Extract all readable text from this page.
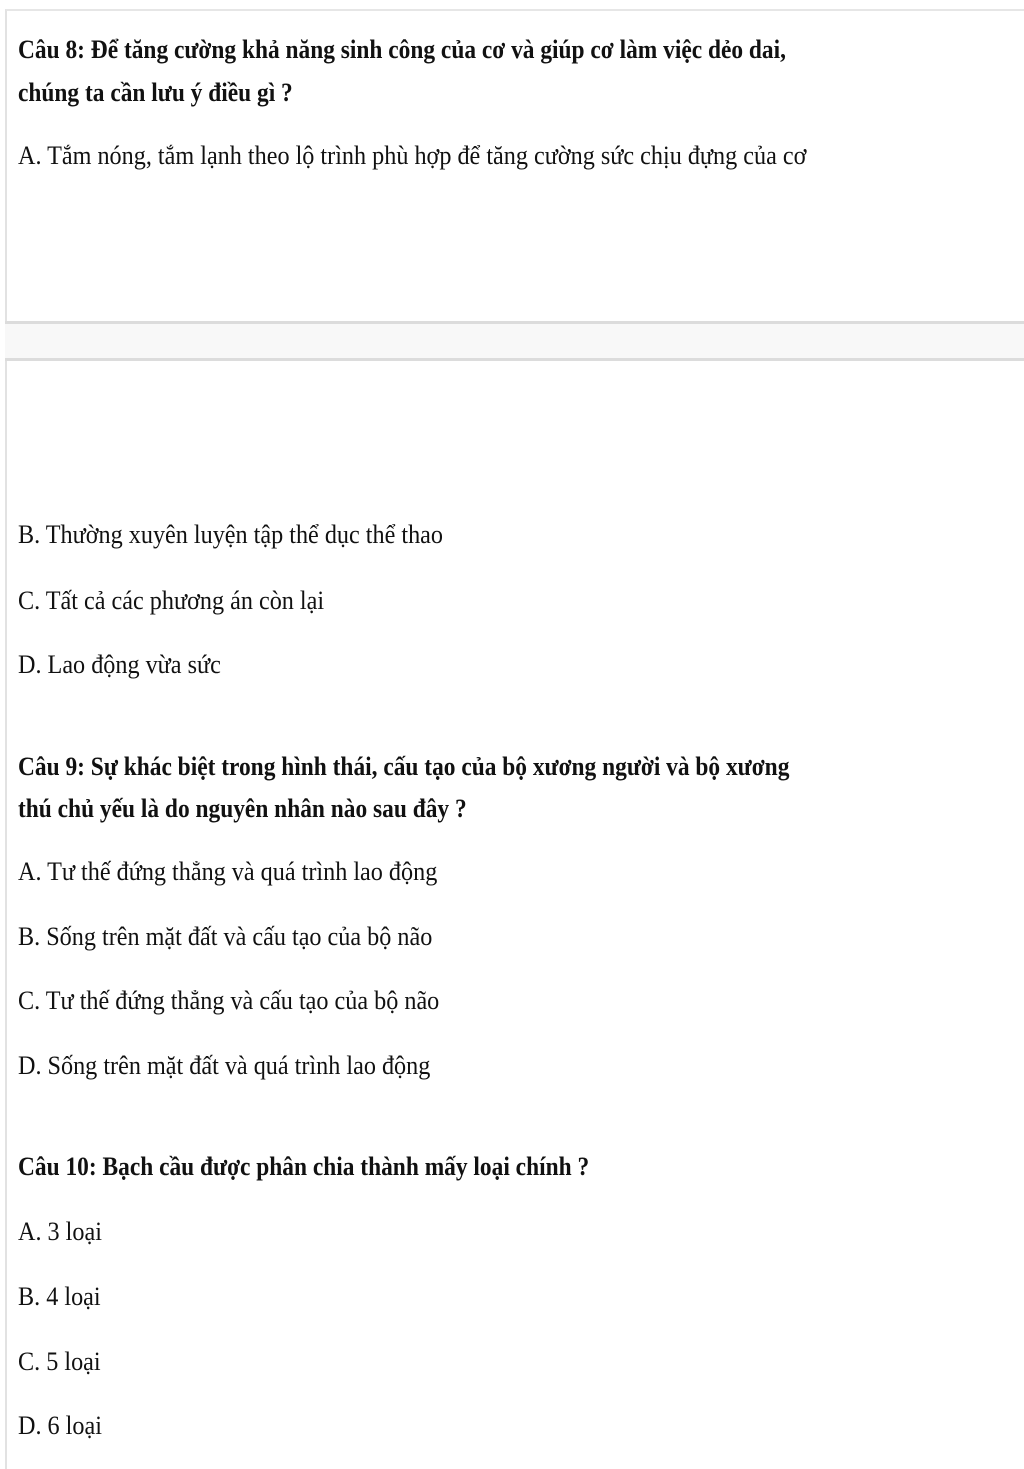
Câu 8: Để tăng cường khả năng sinh công của cơ và giúp cơ làm việc dẻo dai,
chúng ta cần lưu ý điều gì ?
A. Tắm nóng, tắm lạnh theo lộ trình phù hợp để tăng cường sức chịu đựng của cơ
B. Thường xuyên luyện tập thể dục thể thao
C. Tất cả các phương án còn lại
D. Lao động vừa sức
Câu 9: Sự khác biệt trong hình thái, cấu tạo của bộ xương người và bộ xương
thú chủ yếu là do nguyên nhân nào sau đây ?
A. Tư thế đứng thẳng và quá trình lao động
B. Sống trên mặt đất và cấu tạo của bộ não
C. Tư thế đứng thẳng và cấu tạo của bộ não
D. Sống trên mặt đất và quá trình lao động
Câu 10: Bạch cầu được phân chia thành mấy loại chính ?
A. 3 loại
B. 4 loại
C. 5 loại
D. 6 loại
